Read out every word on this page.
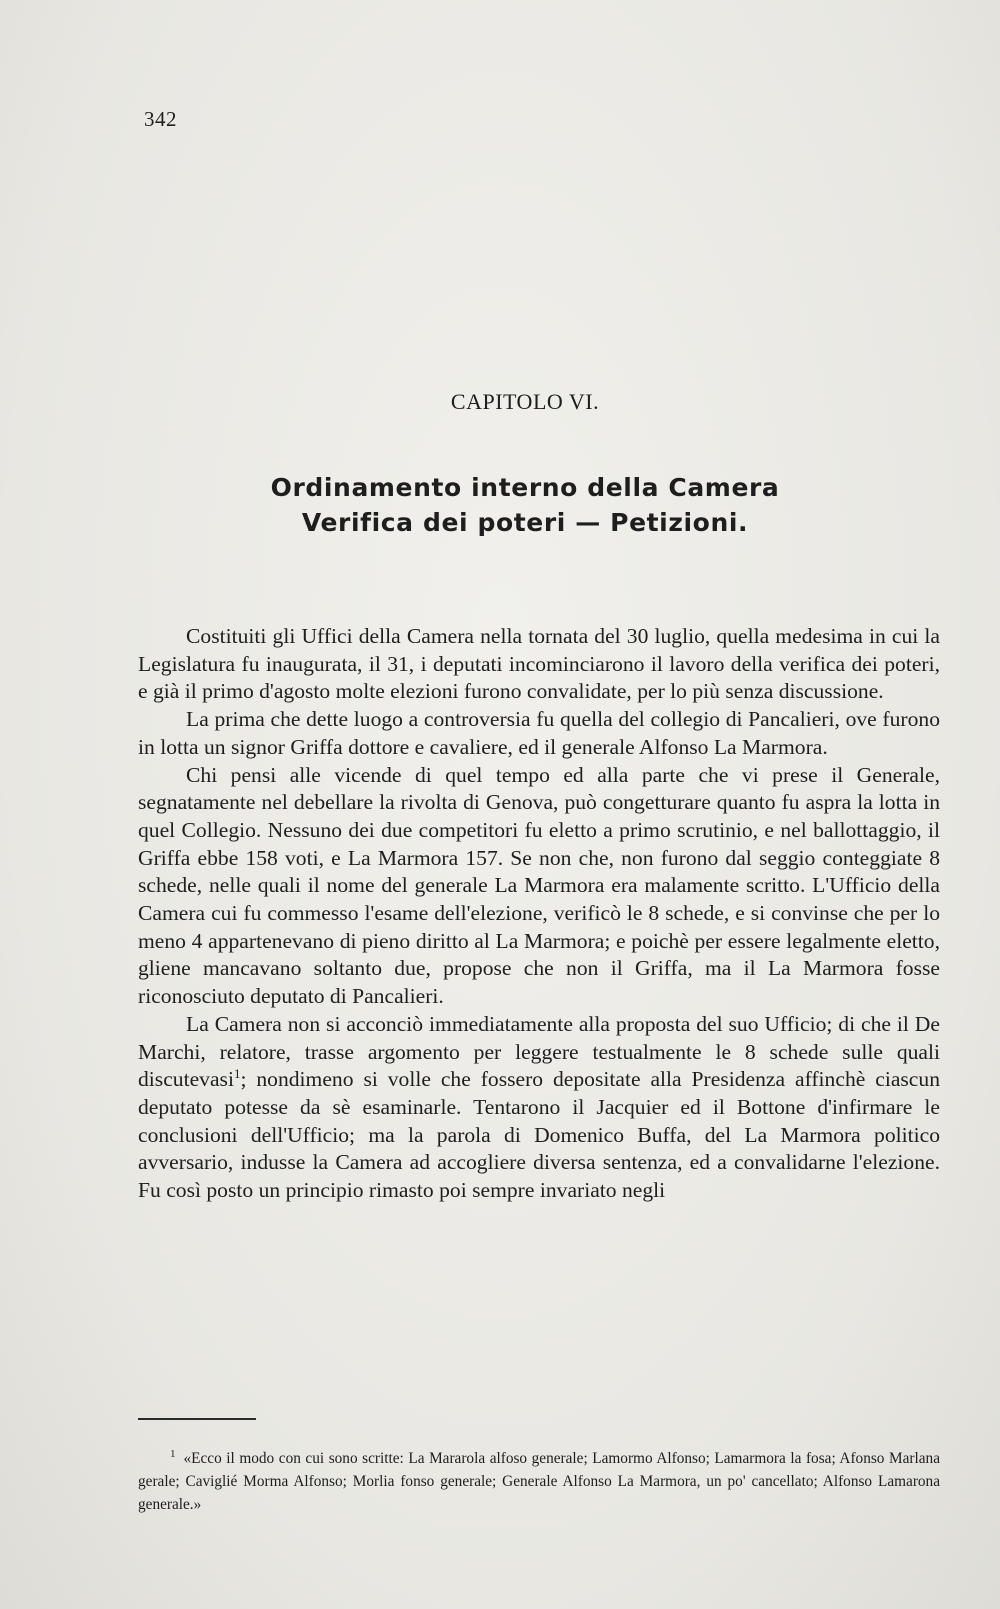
342
CAPITOLO VI.
Ordinamento interno della Camera
Verifica dei poteri — Petizioni.

Costituiti gli Uffici della Camera nella tornata del 30 luglio, quella medesima in cui la Legislatura fu inaugurata, il 31, i deputati incominciarono il lavoro della verifica dei poteri, e già il primo d'agosto molte elezioni furono convalidate, per lo più senza discussione.

La prima che dette luogo a controversia fu quella del collegio di Pancalieri, ove furono in lotta un signor Griffa dottore e cavaliere, ed il generale Alfonso La Marmora.

Chi pensi alle vicende di quel tempo ed alla parte che vi prese il Generale, segnatamente nel debellare la rivolta di Genova, può congetturare quanto fu aspra la lotta in quel Collegio. Nessuno dei due competitori fu eletto a primo scrutinio, e nel ballottaggio, il Griffa ebbe 158 voti, e La Marmora 157. Se non che, non furono dal seggio conteggiate 8 schede, nelle quali il nome del generale La Marmora era malamente scritto. L'Ufficio della Camera cui fu commesso l'esame dell'elezione, verificò le 8 schede, e si convinse che per lo meno 4 appartenevano di pieno diritto al La Marmora; e poichè per essere legalmente eletto, gliene mancavano soltanto due, propose che non il Griffa, ma il La Marmora fosse riconosciuto deputato di Pancalieri.

La Camera non si acconciò immediatamente alla proposta del suo Ufficio; di che il De Marchi, relatore, trasse argomento per leggere testualmente le 8 schede sulle quali discutevasi$^1$; nondimeno si volle che fossero depositate alla Presidenza affinchè ciascun deputato potesse da sè esaminarle. Tentarono il Jacquier ed il Bottone d'infirmare le conclusioni dell'Ufficio; ma la parola di Domenico Buffa, del La Marmora politico avversario, indusse la Camera ad accogliere diversa sentenza, ed a convalidarne l'elezione. Fu così posto un principio rimasto poi sempre invariato negli

$^1$ «Ecco il modo con cui sono scritte: La Mararola alfoso generale; Lamormo Alfonso; Lamarmora la fosa; Afonso Marlana gerale; Caviglié Morma Alfonso; Morlia fonso generale; Generale Alfonso La Marmora, un po' cancellato; Alfonso Lamarona generale.»
